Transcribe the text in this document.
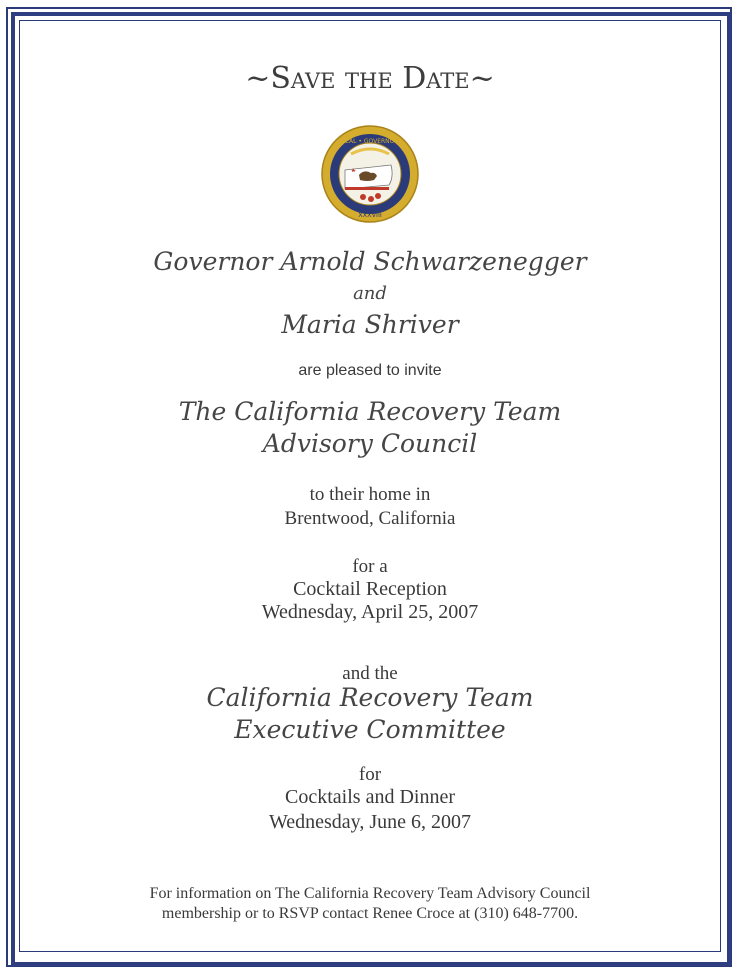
~Save the Date~
SEAL • GOVERNOR
XXXVIII
Governor Arnold Schwarzenegger
and
Maria Shriver
are pleased to invite
The California Recovery Team
Advisory Council
to their home in
Brentwood, California
for a
Cocktail Reception
Wednesday, April 25, 2007
and the
California Recovery Team
Executive Committee
for
Cocktails and Dinner
Wednesday, June 6, 2007
For information on The California Recovery Team Advisory Council
membership or to RSVP contact Renee Croce at (310) 648-7700.
